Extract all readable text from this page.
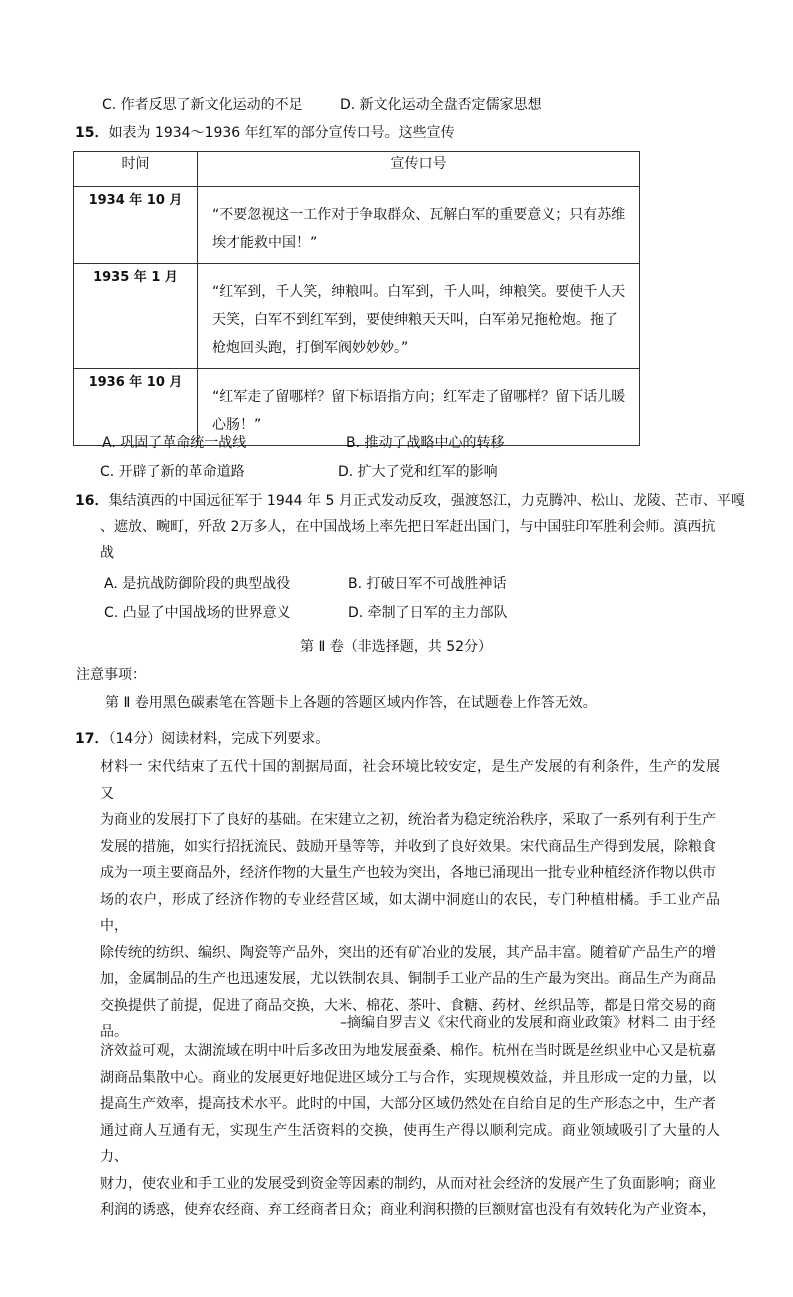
C. 作者反思了新文化运动的不足	D. 新文化运动全盘否定儒家思想
15．如表为 1934～1936 年红军的部分宣传口号。这些宣传
时间	宣传口号
1934 年 10 月	“不要忽视这一工作对于争取群众、瓦解白军的重要意义；只有苏维埃才能救中国！”
1935 年 1 月	“红军到，千人笑，绅粮叫。白军到，千人叫，绅粮笑。要使千人天天笑，白军不到红军到，要使绅粮天天叫，白军弟兄拖枪炮。拖了枪炮回头跑，打倒军阀妙妙妙。”
1936 年 10 月	“红军走了留哪样？留下标语指方向；红军走了留哪样？留下话儿暖心肠！”
A. 巩固了革命统一战线	B. 推动了战略中心的转移
C. 开辟了新的革命道路	D. 扩大了党和红军的影响
16．集结滇西的中国远征军于 1944 年 5 月正式发动反攻，强渡怒江，力克腾冲、松山、龙陵、芒市、平嘎
、遮放、畹町，歼敌 2万多人，在中国战场上率先把日军赶出国门，与中国驻印军胜利会师。滇西抗
战
A. 是抗战防御阶段的典型战役	B. 打破日军不可战胜神话
C. 凸显了中国战场的世界意义	D. 牵制了日军的主力部队
第 Ⅱ 卷（非选择题，共 52分）
注意事项：
第 Ⅱ 卷用黑色碳素笔在答题卡上各题的答题区域内作答，在试题卷上作答无效。
17．（14分）阅读材料，完成下列要求。
材料一 宋代结束了五代十国的割据局面，社会环境比较安定，是生产发展的有利条件，生产的发展又
为商业的发展打下了良好的基础。在宋建立之初，统治者为稳定统治秩序，采取了一系列有利于生产
发展的措施，如实行招抚流民、鼓励开垦等等，并收到了良好效果。宋代商品生产得到发展，除粮食
成为一项主要商品外，经济作物的大量生产也较为突出，各地已涌现出一批专业种植经济作物以供市
场的农户，形成了经济作物的专业经营区域，如太湖中洞庭山的农民，专门种植柑橘。手工业产品中，
除传统的纺织、编织、陶瓷等产品外，突出的还有矿冶业的发展，其产品丰富。随着矿产品生产的增
加，金属制品的生产也迅速发展，尤以铁制农具、铜制手工业产品的生产最为突出。商品生产为商品
交换提供了前提，促进了商品交换，大米、棉花、茶叶、食糖、药材、丝织品等，都是日常交易的商
品。
–摘编自罗吉义《宋代商业的发展和商业政策》材料二 由于经
济效益可观，太湖流域在明中叶后多改田为地发展蚕桑、棉作。杭州在当时既是丝织业中心又是杭嘉
湖商品集散中心。商业的发展更好地促进区域分工与合作，实现规模效益，并且形成一定的力量，以
提高生产效率，提高技术水平。此时的中国，大部分区域仍然处在自给自足的生产形态之中，生产者
通过商人互通有无，实现生产生活资料的交换，使再生产得以顺利完成。商业领域吸引了大量的人力、
财力，使农业和手工业的发展受到资金等因素的制约，从而对社会经济的发展产生了负面影响；商业
利润的诱惑，使弃农经商、弃工经商者日众；商业利润积攒的巨额财富也没有有效转化为产业资本，
